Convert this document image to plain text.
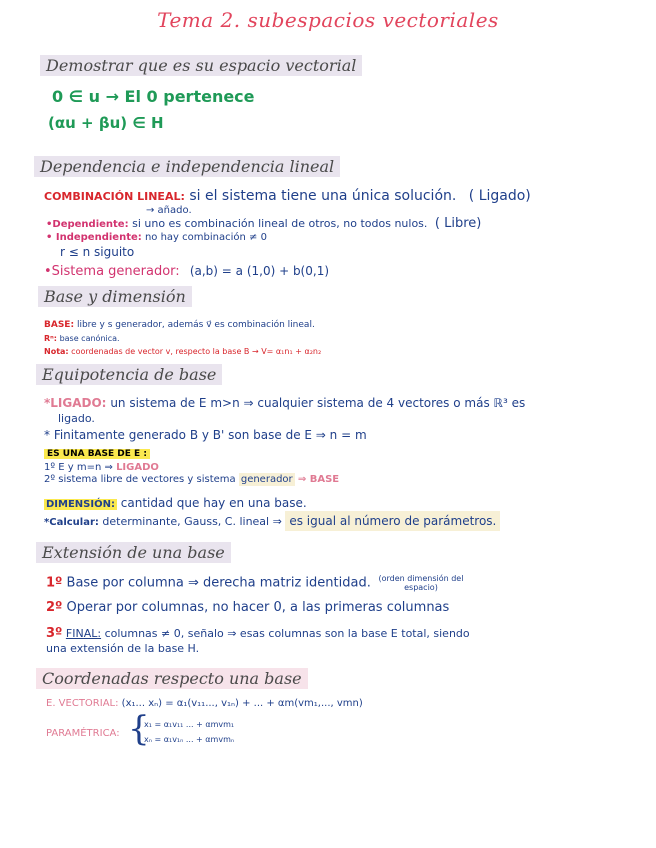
Tema 2. subespacios vectoriales
Demostrar que es su espacio vectorial
0 ∈ u → El 0 pertenece
(αu + βu) ∈ H
Dependencia e independencia lineal
COMBINACIÓN LINEAL: si el sistema tiene una única solución. ( Ligado)
→ añado.
•Dependiente: si uno es combinación lineal de otros, no todos nulos. ( Libre)
• Independiente: no hay combinación ≠ 0
r ≤ n siguito
•Sistema generador: (a,b) = a (1,0) + b(0,1)
Base y dimensión
BASE: libre y s generador, además v⃗ es combinación lineal.
Rⁿ: base canónica.
Nota: coordenadas de vector v, respecto la base B → V= α₁n₁ + α₂n₂
Equipotencia de base
*LIGADO: un sistema de E m>n ⇒ cualquier sistema de 4 vectores o más ℝ³ es
ligado.
* Finitamente generado B y B' son base de E ⇒ n = m
ES UNA BASE DE E :
1º E y m=n ⇒ LIGADO
2º sistema libre de vectores y sistema generador ⇒ BASE
DIMENSIÓN: cantidad que hay en una base.
*Calcular: determinante, Gauss, C. lineal ⇒ es igual al número de parámetros.
Extensión de una base
1º Base por columna ⇒ derecha matriz identidad. (orden dimensión del espacio)
2º Operar por columnas, no hacer 0, a las primeras columnas
3º FINAL: columnas ≠ 0, señalo ⇒ esas columnas son la base E total, siendo
una extensión de la base H.
Coordenadas respecto una base
E. VECTORIAL: (x₁... xₙ) = α₁(v₁₁..., v₁ₙ) + ... + αm(vm₁,..., vmn)
PARAMÉTRICA: {
x₁ = α₁v₁₁ ... + αmvm₁
xₙ = α₁v₁ₙ ... + αmvmₙ
